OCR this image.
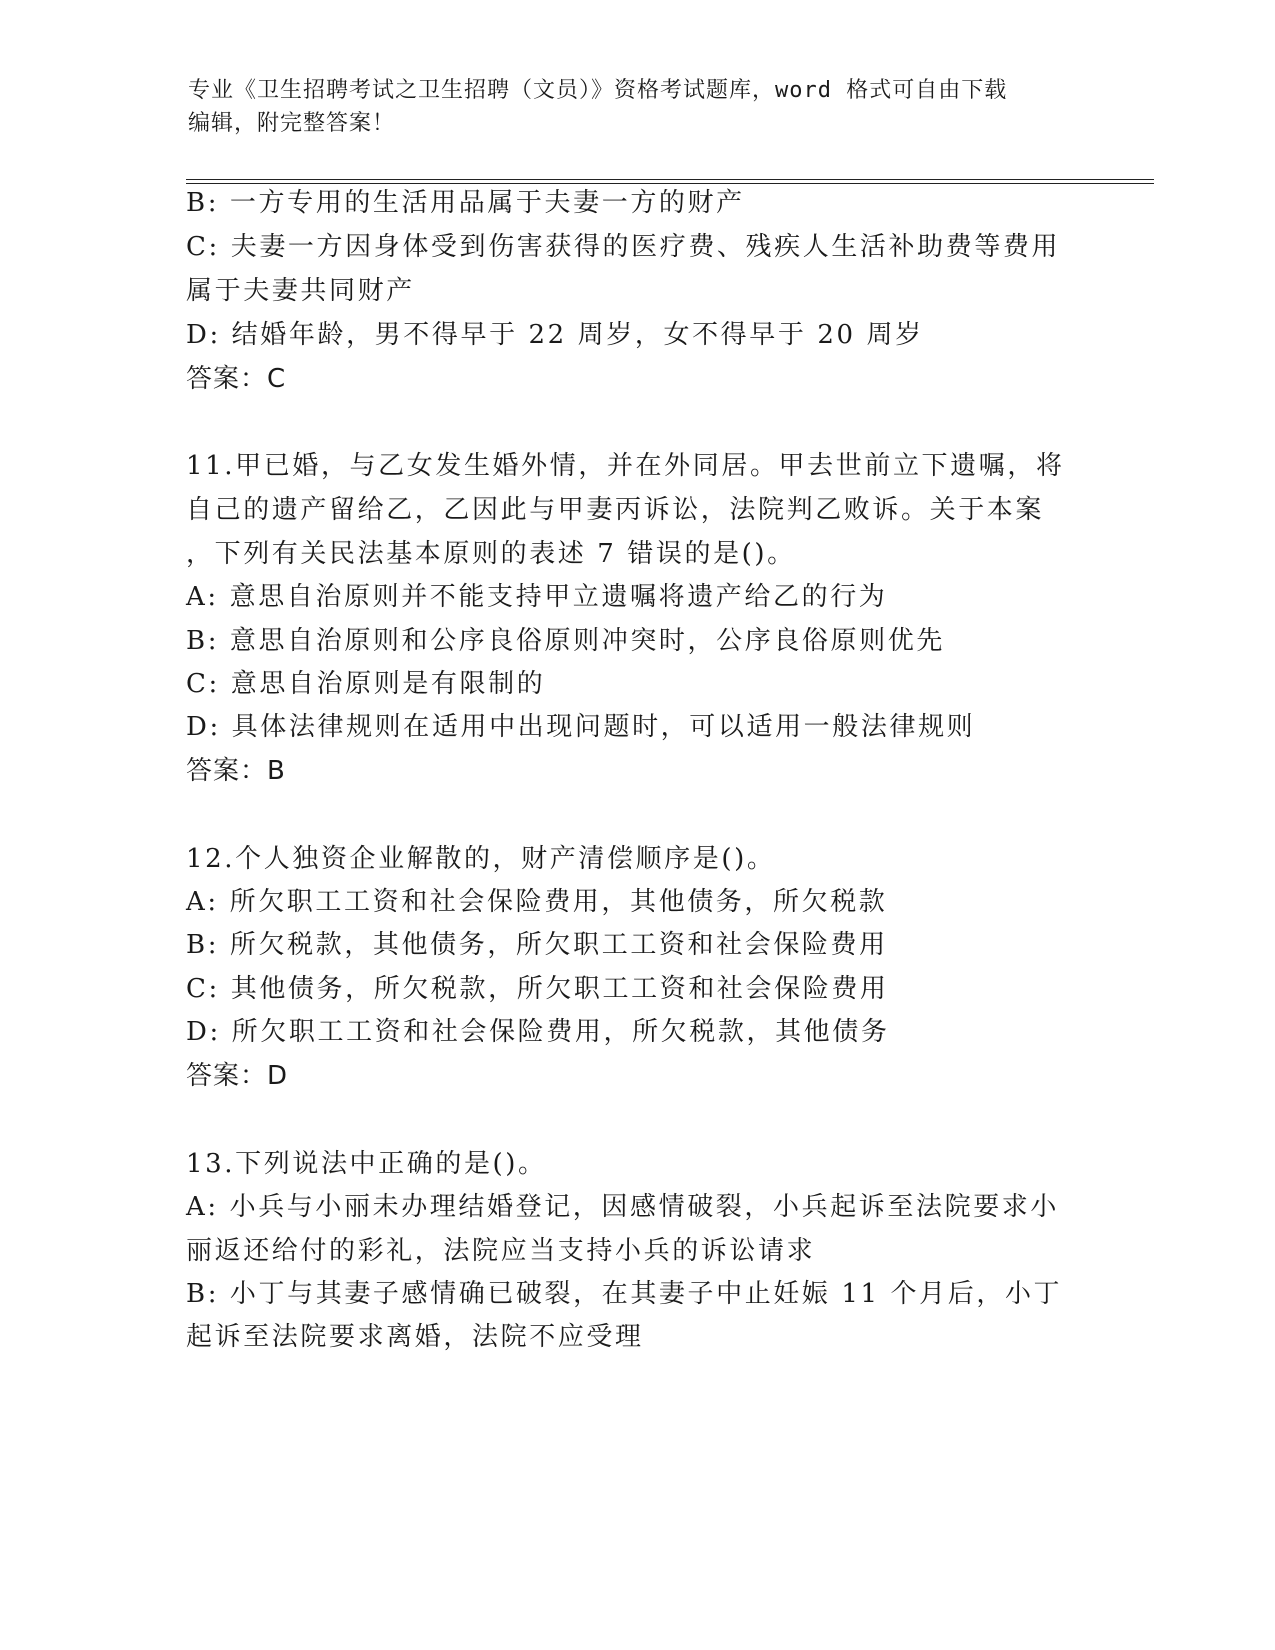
专业《卫生招聘考试之卫生招聘（文员）》资格考试题库，word 格式可自由下载
编辑，附完整答案！
B: 一方专用的生活用品属于夫妻一方的财产
C: 夫妻一方因身体受到伤害获得的医疗费、残疾人生活补助费等费用
属于夫妻共同财产
D: 结婚年龄，男不得早于 22 周岁，女不得早于 20 周岁
答案：C
11.甲已婚，与乙女发生婚外情，并在外同居。甲去世前立下遗嘱，将
自己的遗产留给乙，乙因此与甲妻丙诉讼，法院判乙败诉。关于本案
，下列有关民法基本原则的表述 7 错误的是()。
A: 意思自治原则并不能支持甲立遗嘱将遗产给乙的行为
B: 意思自治原则和公序良俗原则冲突时，公序良俗原则优先
C: 意思自治原则是有限制的
D: 具体法律规则在适用中出现问题时，可以适用一般法律规则
答案：B
12.个人独资企业解散的，财产清偿顺序是()。
A: 所欠职工工资和社会保险费用，其他债务，所欠税款
B: 所欠税款，其他债务，所欠职工工资和社会保险费用
C: 其他债务，所欠税款，所欠职工工资和社会保险费用
D: 所欠职工工资和社会保险费用，所欠税款，其他债务
答案：D
13.下列说法中正确的是()。
A: 小兵与小丽未办理结婚登记，因感情破裂，小兵起诉至法院要求小
丽返还给付的彩礼，法院应当支持小兵的诉讼请求
B: 小丁与其妻子感情确已破裂，在其妻子中止妊娠 11 个月后，小丁
起诉至法院要求离婚，法院不应受理
